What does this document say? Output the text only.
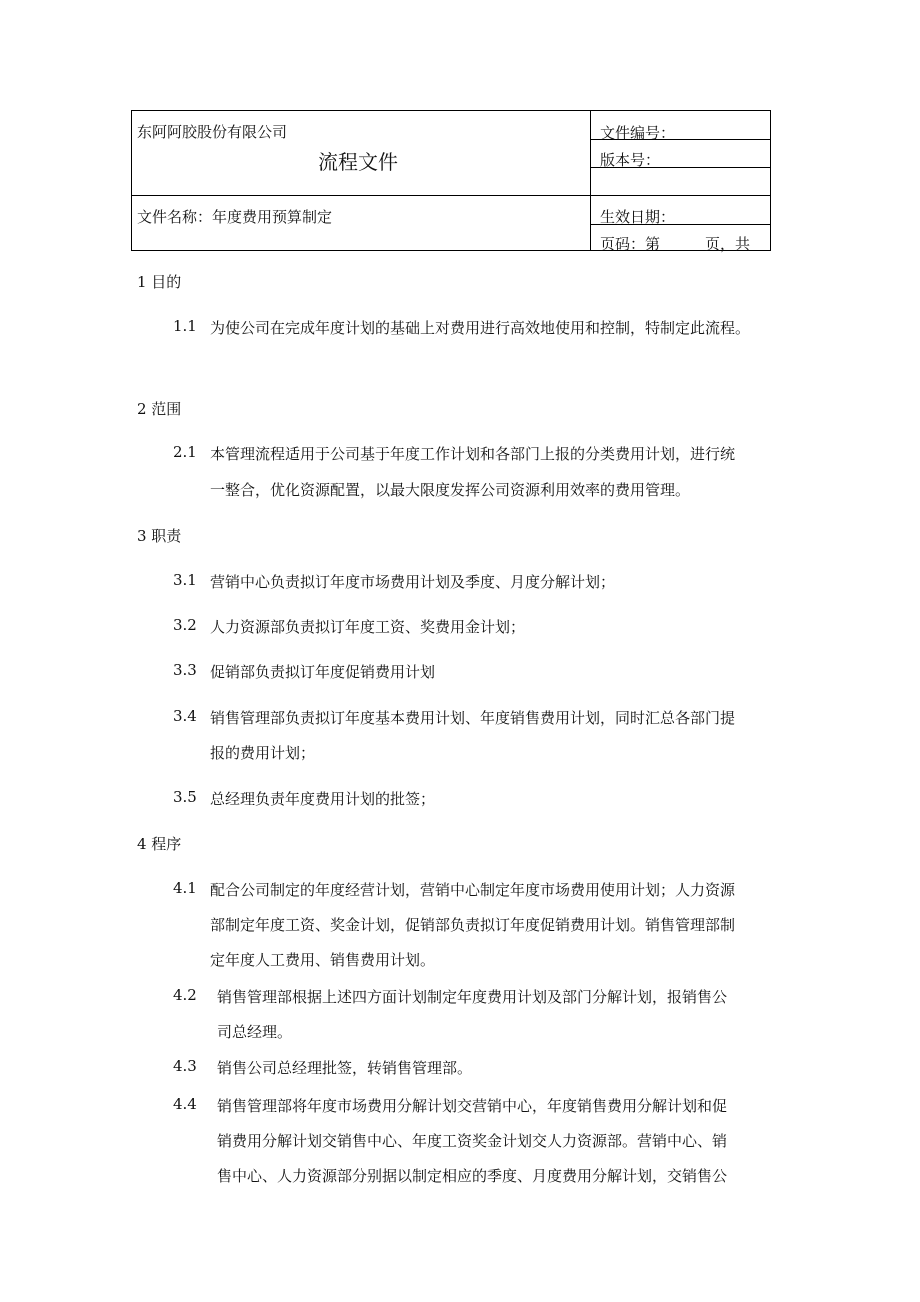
东阿阿胶股份有限公司
流程文件
文件名称：年度费用预算制定
文件编号：
版本号：
生效日期：
页码：第　　　页，共
1 目的
1.1 为使公司在完成年度计划的基础上对费用进行高效地使用和控制，特制定此流程。
2 范围
2.1 本管理流程适用于公司基于年度工作计划和各部门上报的分类费用计划，进行统
一整合，优化资源配置，以最大限度发挥公司资源利用效率的费用管理。
3 职责
3.1 营销中心负责拟订年度市场费用计划及季度、月度分解计划；
3.2 人力资源部负责拟订年度工资、奖费用金计划；
3.3 促销部负责拟订年度促销费用计划
3.4 销售管理部负责拟订年度基本费用计划、年度销售费用计划，同时汇总各部门提
报的费用计划；
3.5 总经理负责年度费用计划的批签；
4 程序
4.1 配合公司制定的年度经营计划，营销中心制定年度市场费用使用计划；人力资源
部制定年度工资、奖金计划，促销部负责拟订年度促销费用计划。销售管理部制
定年度人工费用、销售费用计划。
4.2 销售管理部根据上述四方面计划制定年度费用计划及部门分解计划，报销售公
司总经理。
4.3 销售公司总经理批签，转销售管理部。
4.4 销售管理部将年度市场费用分解计划交营销中心，年度销售费用分解计划和促
销费用分解计划交销售中心、年度工资奖金计划交人力资源部。营销中心、销
售中心、人力资源部分别据以制定相应的季度、月度费用分解计划，交销售公
